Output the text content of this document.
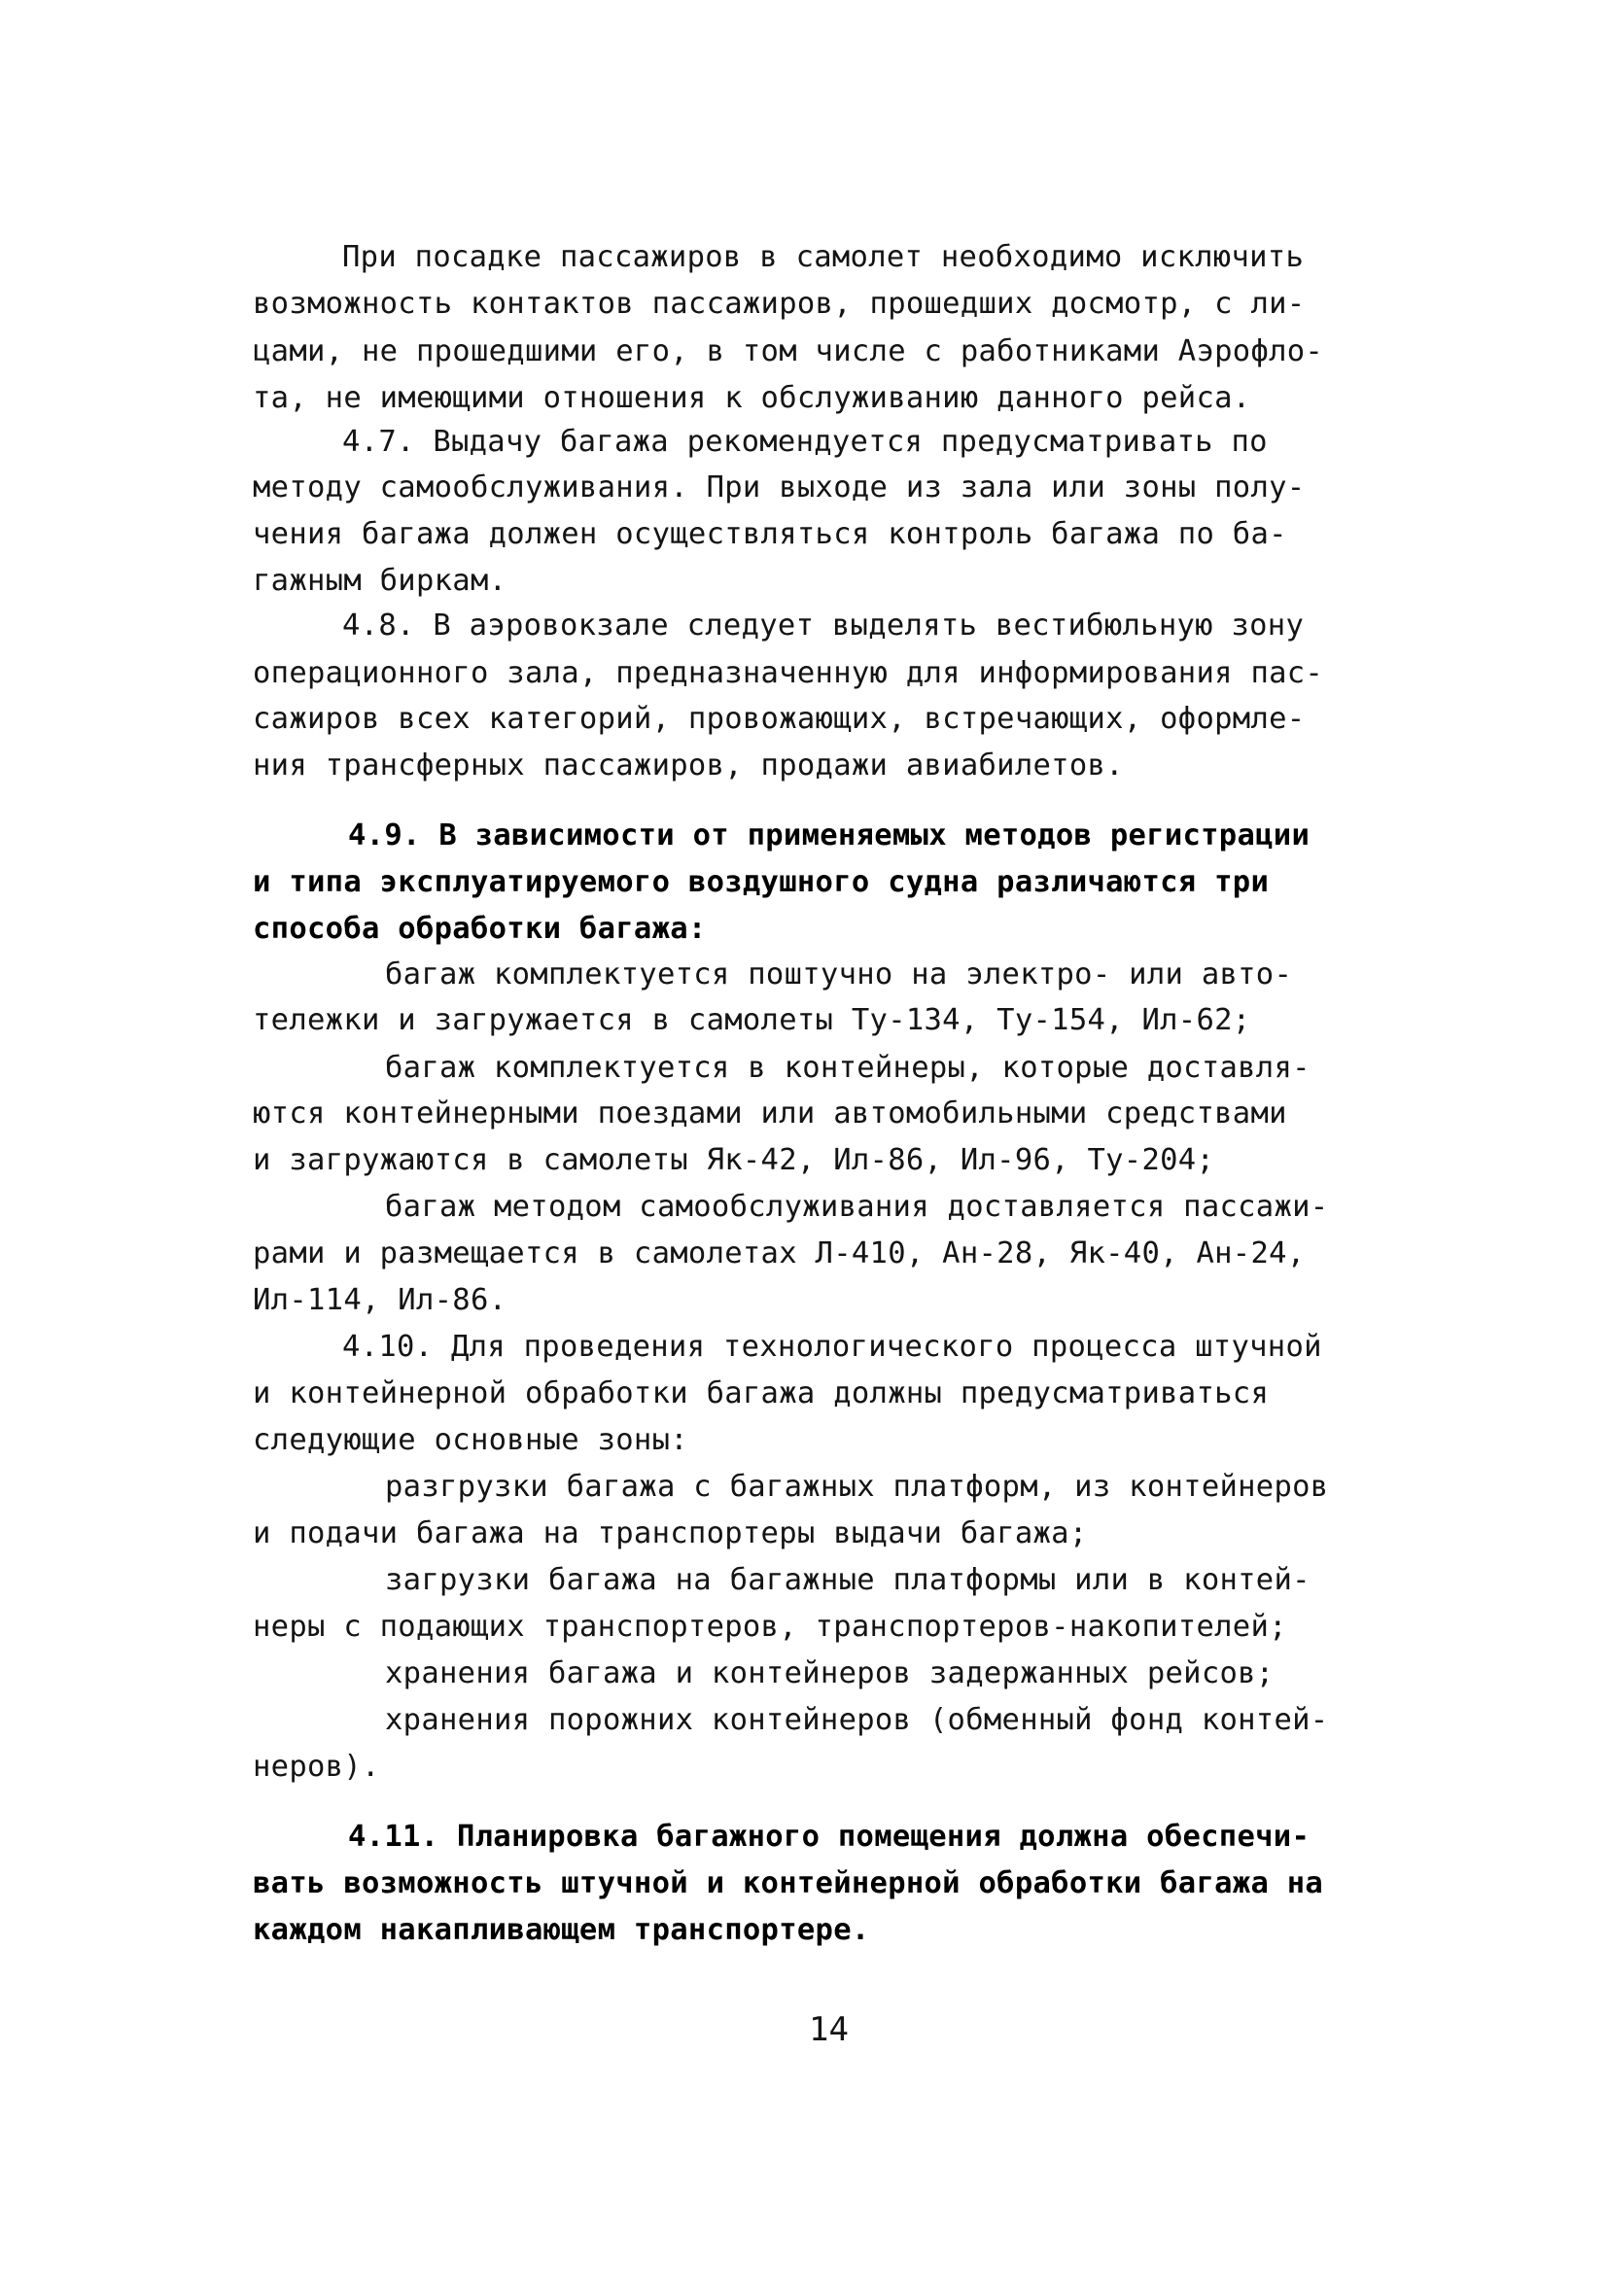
При посадке пассажиров в самолет необходимо исключить
возможность контактов пассажиров, прошедших досмотр, с ли-
цами, не прошедшими его, в том числе с работниками Аэрофло-
та, не имеющими отношения к обслуживанию данного рейса.
4.7. Выдачу багажа рекомендуется предусматривать по
методу самообслуживания. При выходе из зала или зоны полу-
чения багажа должен осуществляться контроль багажа по ба-
гажным биркам.
4.8. В аэровокзале следует выделять вестибюльную зону
операционного зала, предназначенную для информирования пас-
сажиров всех категорий, провожающих, встречающих, оформле-
ния трансферных пассажиров, продажи авиабилетов.
4.9. В зависимости от применяемых методов регистрации
и типа эксплуатируемого воздушного судна различаются три
способа обработки багажа:
багаж комплектуется поштучно на электро- или авто-
тележки и загружается в самолеты Ту-134, Ту-154, Ил-62;
багаж комплектуется в контейнеры, которые доставля-
ются контейнерными поездами или автомобильными средствами
и загружаются в самолеты Як-42, Ил-86, Ил-96, Ту-204;
багаж методом самообслуживания доставляется пассажи-
рами и размещается в самолетах Л-410, Ан-28, Як-40, Ан-24,
Ил-114, Ил-86.
4.10. Для проведения технологического процесса штучной
и контейнерной обработки багажа должны предусматриваться
следующие основные зоны:
разгрузки багажа с багажных платформ, из контейнеров
и подачи багажа на транспортеры выдачи багажа;
загрузки багажа на багажные платформы или в контей-
неры с подающих транспортеров, транспортеров-накопителей;
хранения багажа и контейнеров задержанных рейсов;
хранения порожних контейнеров (обменный фонд контей-
неров).
4.11. Планировка багажного помещения должна обеспечи-
вать возможность штучной и контейнерной обработки багажа на
каждом накапливающем транспортере.
14
